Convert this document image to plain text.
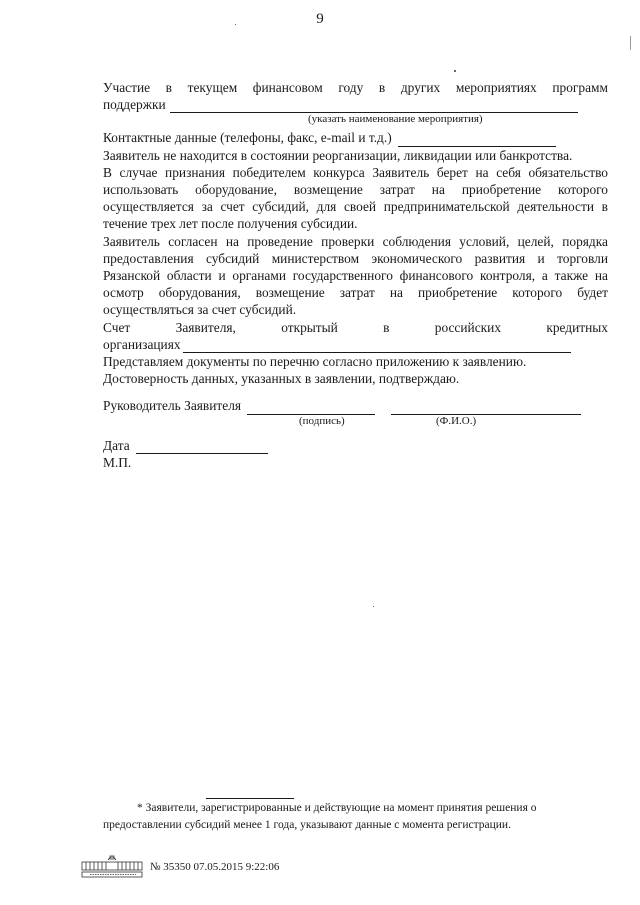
9

Участие в текущем финансовом году в других мероприятиях программ

поддержки

(указать наименование мероприятия)

Контактные данные (телефоны, факс, e-mail и т.д.)

Заявитель не находится в состоянии реорганизации, ликвидации или банкротства.

В случае признания победителем конкурса Заявитель берет на себя обязательство использовать оборудование, возмещение затрат на приобретение которого осуществляется за счет субсидий, для своей предпринимательской деятельности в течение трех лет после получения субсидии.

Заявитель согласен на проведение проверки соблюдения условий, целей, порядка предоставления субсидий министерством экономического развития и торговли Рязанской области и органами государственного финансового контроля, а также на осмотр оборудования, возмещение затрат на приобретение которого будет осуществляться за счет субсидий.

Счет Заявителя, открытый в российских кредитных

организациях

Представляем документы по перечню согласно приложению к заявлению.

Достоверность данных, указанных в заявлении, подтверждаю.

Руководитель Заявителя

(подпись)	(Ф.И.О.)

Дата

М.П.

* Заявители, зарегистрированные и действующие на момент принятия решения о
предоставлении субсидий менее 1 года, указывают данные с момента регистрации.
№ 35350 07.05.2015 9:22:06
